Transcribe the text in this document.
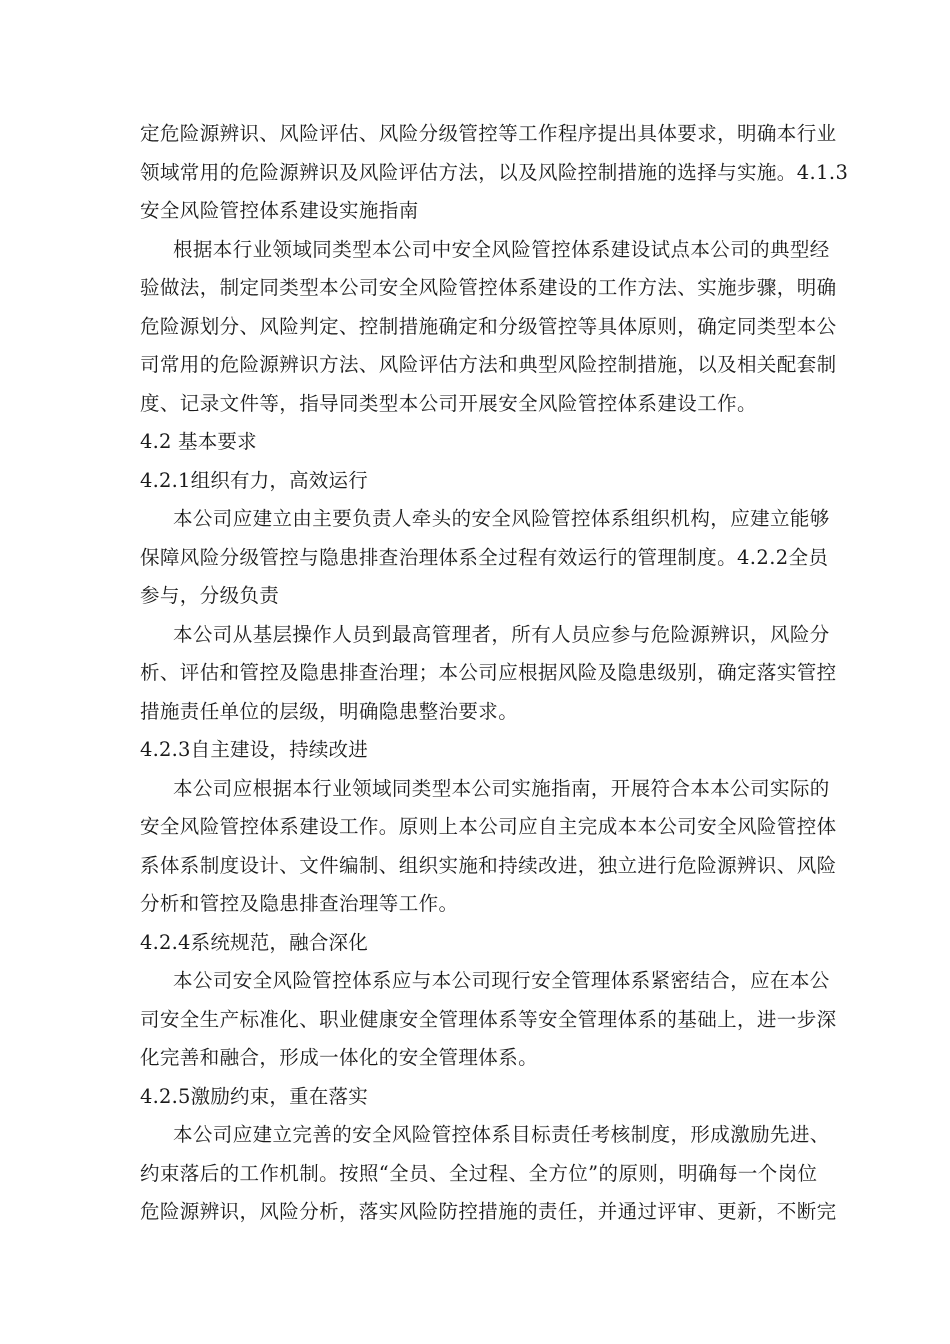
定危险源辨识、风险评估、风险分级管控等工作程序提出具体要求，明确本行业
领域常用的危险源辨识及风险评估方法，以及风险控制措施的选择与实施。4.1.3
安全风险管控体系建设实施指南
根据本行业领域同类型本公司中安全风险管控体系建设试点本公司的典型经
验做法，制定同类型本公司安全风险管控体系建设的工作方法、实施步骤，明确
危险源划分、风险判定、控制措施确定和分级管控等具体原则，确定同类型本公
司常用的危险源辨识方法、风险评估方法和典型风险控制措施，以及相关配套制
度、记录文件等，指导同类型本公司开展安全风险管控体系建设工作。
4.2 基本要求
4.2.1组织有力，高效运行
本公司应建立由主要负责人牵头的安全风险管控体系组织机构，应建立能够
保障风险分级管控与隐患排查治理体系全过程有效运行的管理制度。4.2.2全员
参与，分级负责
本公司从基层操作人员到最高管理者，所有人员应参与危险源辨识，风险分
析、评估和管控及隐患排查治理；本公司应根据风险及隐患级别，确定落实管控
措施责任单位的层级，明确隐患整治要求。
4.2.3自主建设，持续改进
本公司应根据本行业领域同类型本公司实施指南，开展符合本本公司实际的
安全风险管控体系建设工作。原则上本公司应自主完成本本公司安全风险管控体
系体系制度设计、文件编制、组织实施和持续改进，独立进行危险源辨识、风险
分析和管控及隐患排查治理等工作。
4.2.4系统规范，融合深化
本公司安全风险管控体系应与本公司现行安全管理体系紧密结合，应在本公
司安全生产标准化、职业健康安全管理体系等安全管理体系的基础上，进一步深
化完善和融合，形成一体化的安全管理体系。
4.2.5激励约束，重在落实
本公司应建立完善的安全风险管控体系目标责任考核制度，形成激励先进、
约束落后的工作机制。按照“全员、全过程、全方位”的原则，明确每一个岗位
危险源辨识，风险分析，落实风险防控措施的责任，并通过评审、更新，不断完
